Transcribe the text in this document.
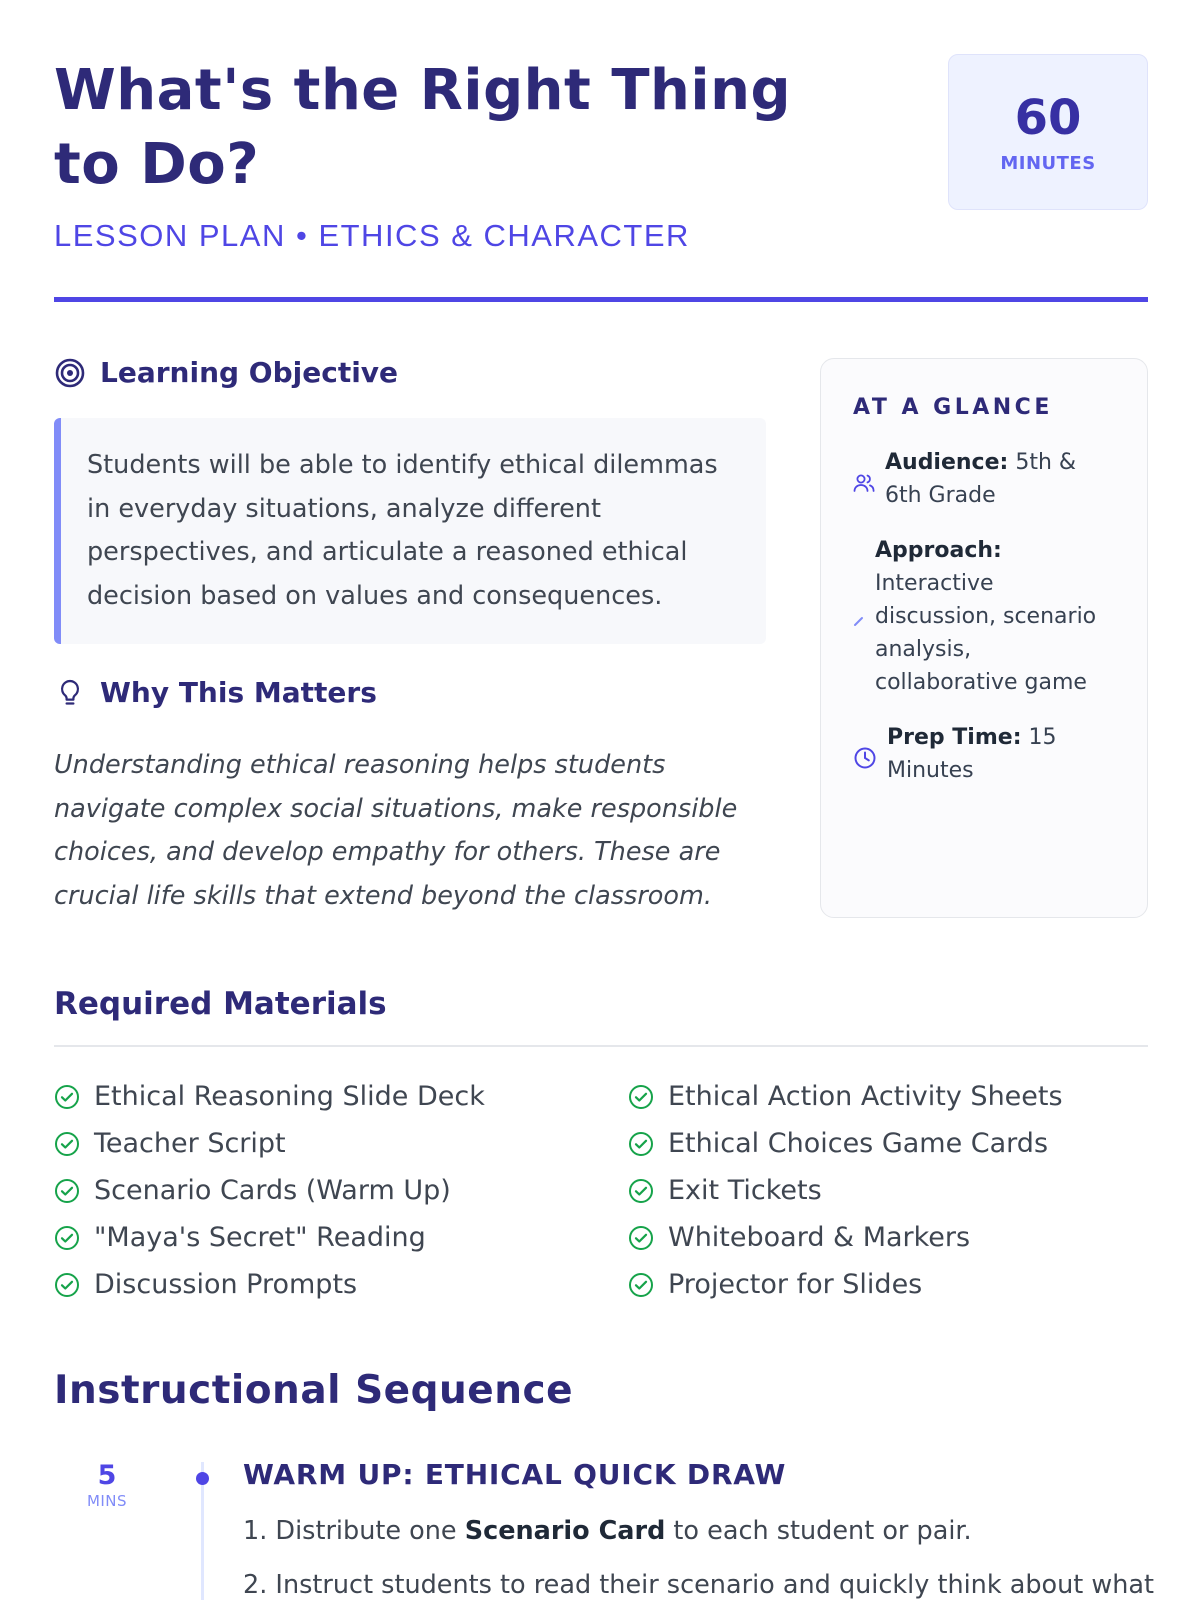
What's the Right Thing to Do?
LESSON PLAN • ETHICS & CHARACTER
60
MINUTES
Learning Objective
Students will be able to identify ethical dilemmas in everyday situations, analyze different perspectives, and articulate a reasoned ethical decision based on values and consequences.
Why This Matters
Understanding ethical reasoning helps students navigate complex social situations, make responsible choices, and develop empathy for others. These are crucial life skills that extend beyond the classroom.
AT A GLANCE
Audience: 5th & 6th Grade
Approach:
Interactive discussion, scenario analysis, collaborative game
Prep Time: 15 Minutes
Required Materials
Ethical Reasoning Slide Deck
Teacher Script
Scenario Cards (Warm Up)
"Maya's Secret" Reading
Discussion Prompts
Ethical Action Activity Sheets
Ethical Choices Game Cards
Exit Tickets
Whiteboard & Markers
Projector for Slides
Instructional Sequence
5
MINS
WARM UP: ETHICAL QUICK DRAW
1. Distribute one Scenario Card to each student or pair.
2. Instruct students to read their scenario and quickly think about what
